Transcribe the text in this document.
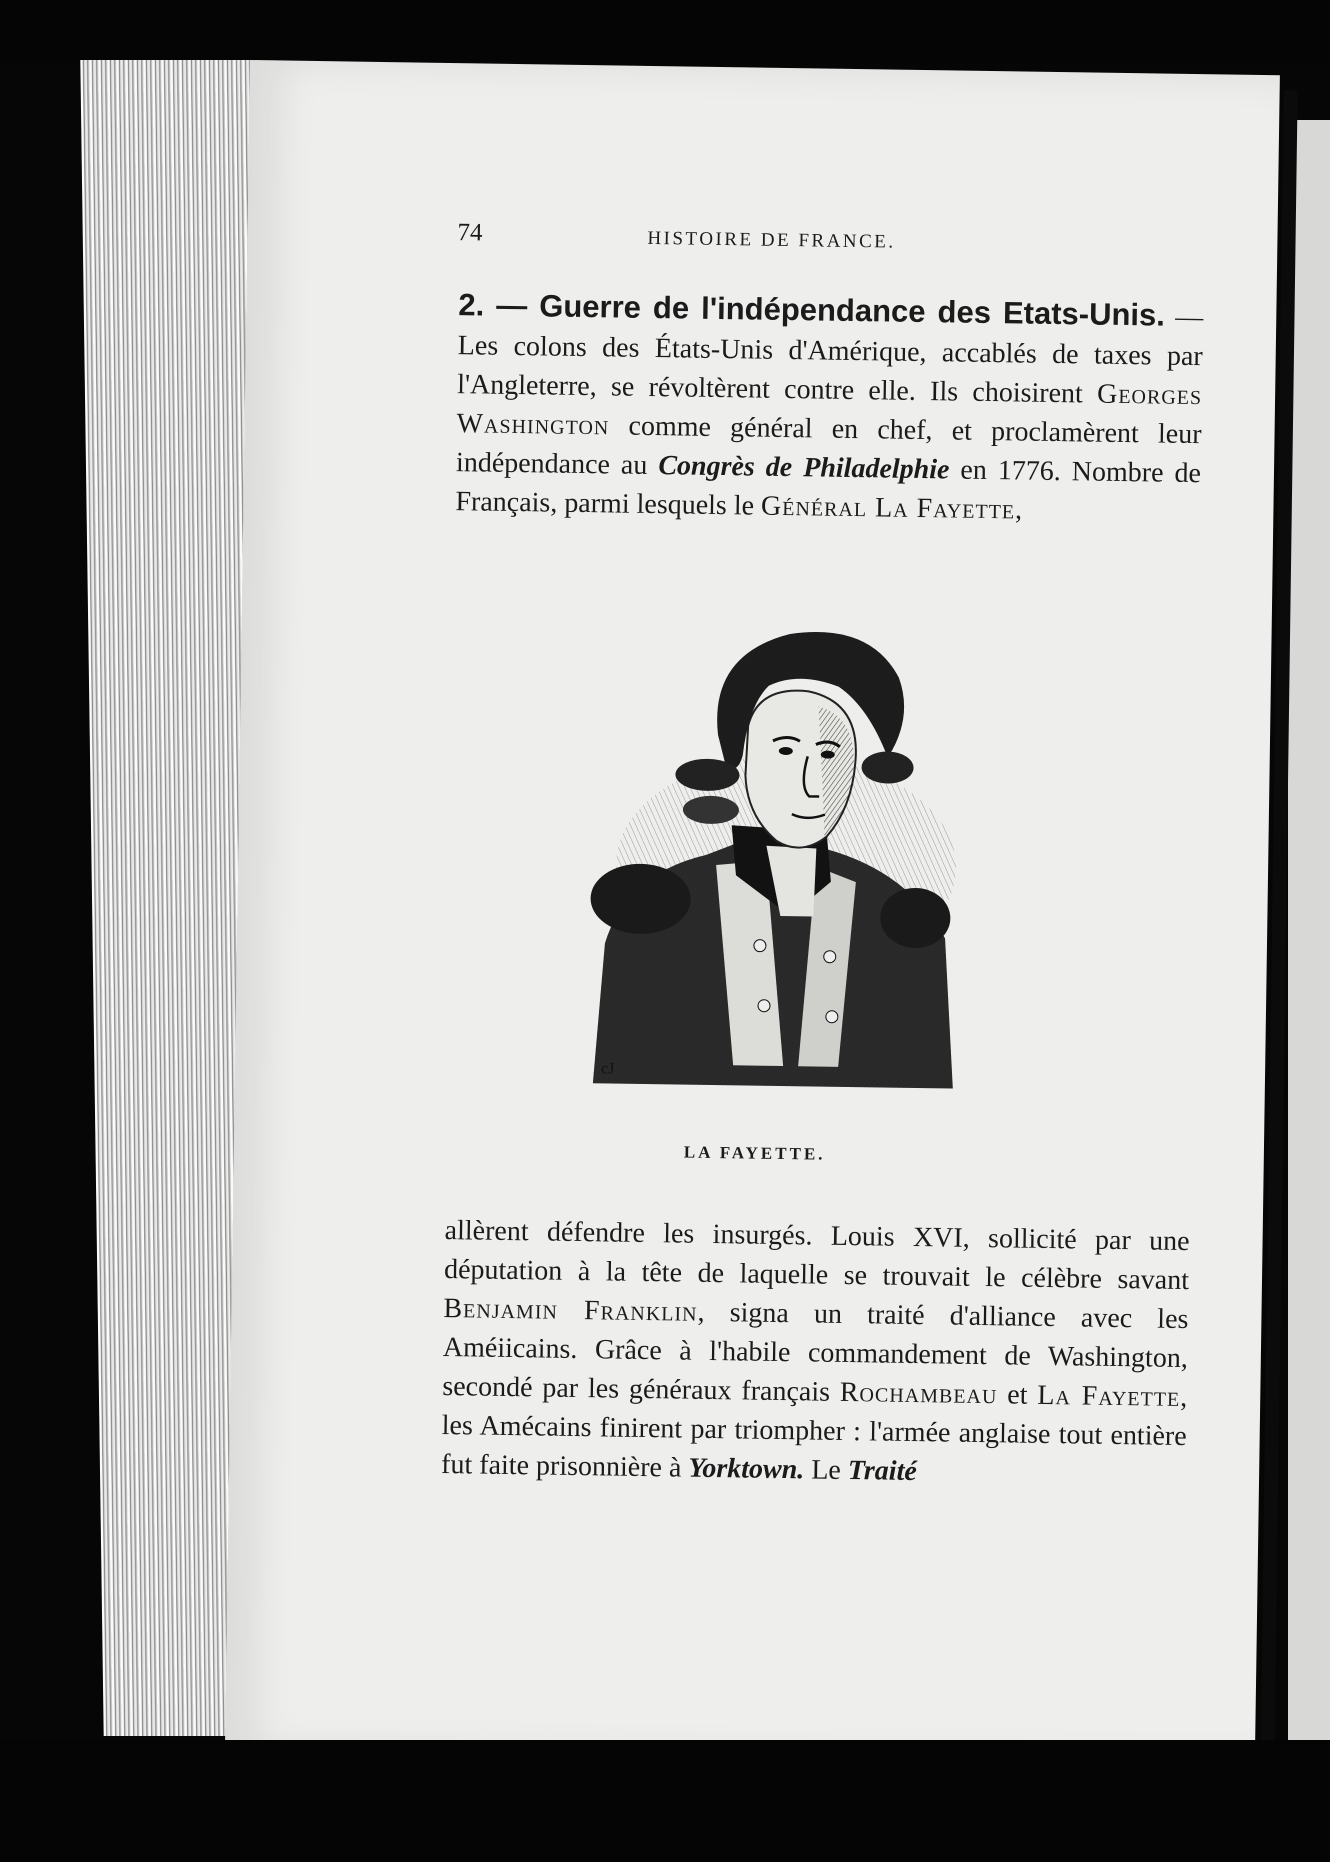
74	HISTOIRE DE FRANCE.

2. — Guerre de l'indépendance des Etats-Unis. — Les colons des États-Unis d'Amérique, accablés de taxes par l'Angleterre, se révoltèrent contre elle. Ils choisirent Georges Washington comme général en chef, et proclamèrent leur indépendance au Congrès de Philadelphie en 1776. Nombre de Français, parmi lesquels le Général La Fayette,

cJ
LA FAYETTE.

allèrent défendre les insurgés. Louis XVI, sollicité par une députation à la tête de laquelle se trouvait le célèbre savant Benjamin Franklin, signa un traité d'alliance avec les Améiicains. Grâce à l'habile commandement de Washington, secondé par les généraux français Rochambeau et La Fayette, les Amécains finirent par triompher : l'armée anglaise tout entière fut faite prisonnière à Yorktown. Le Traité
